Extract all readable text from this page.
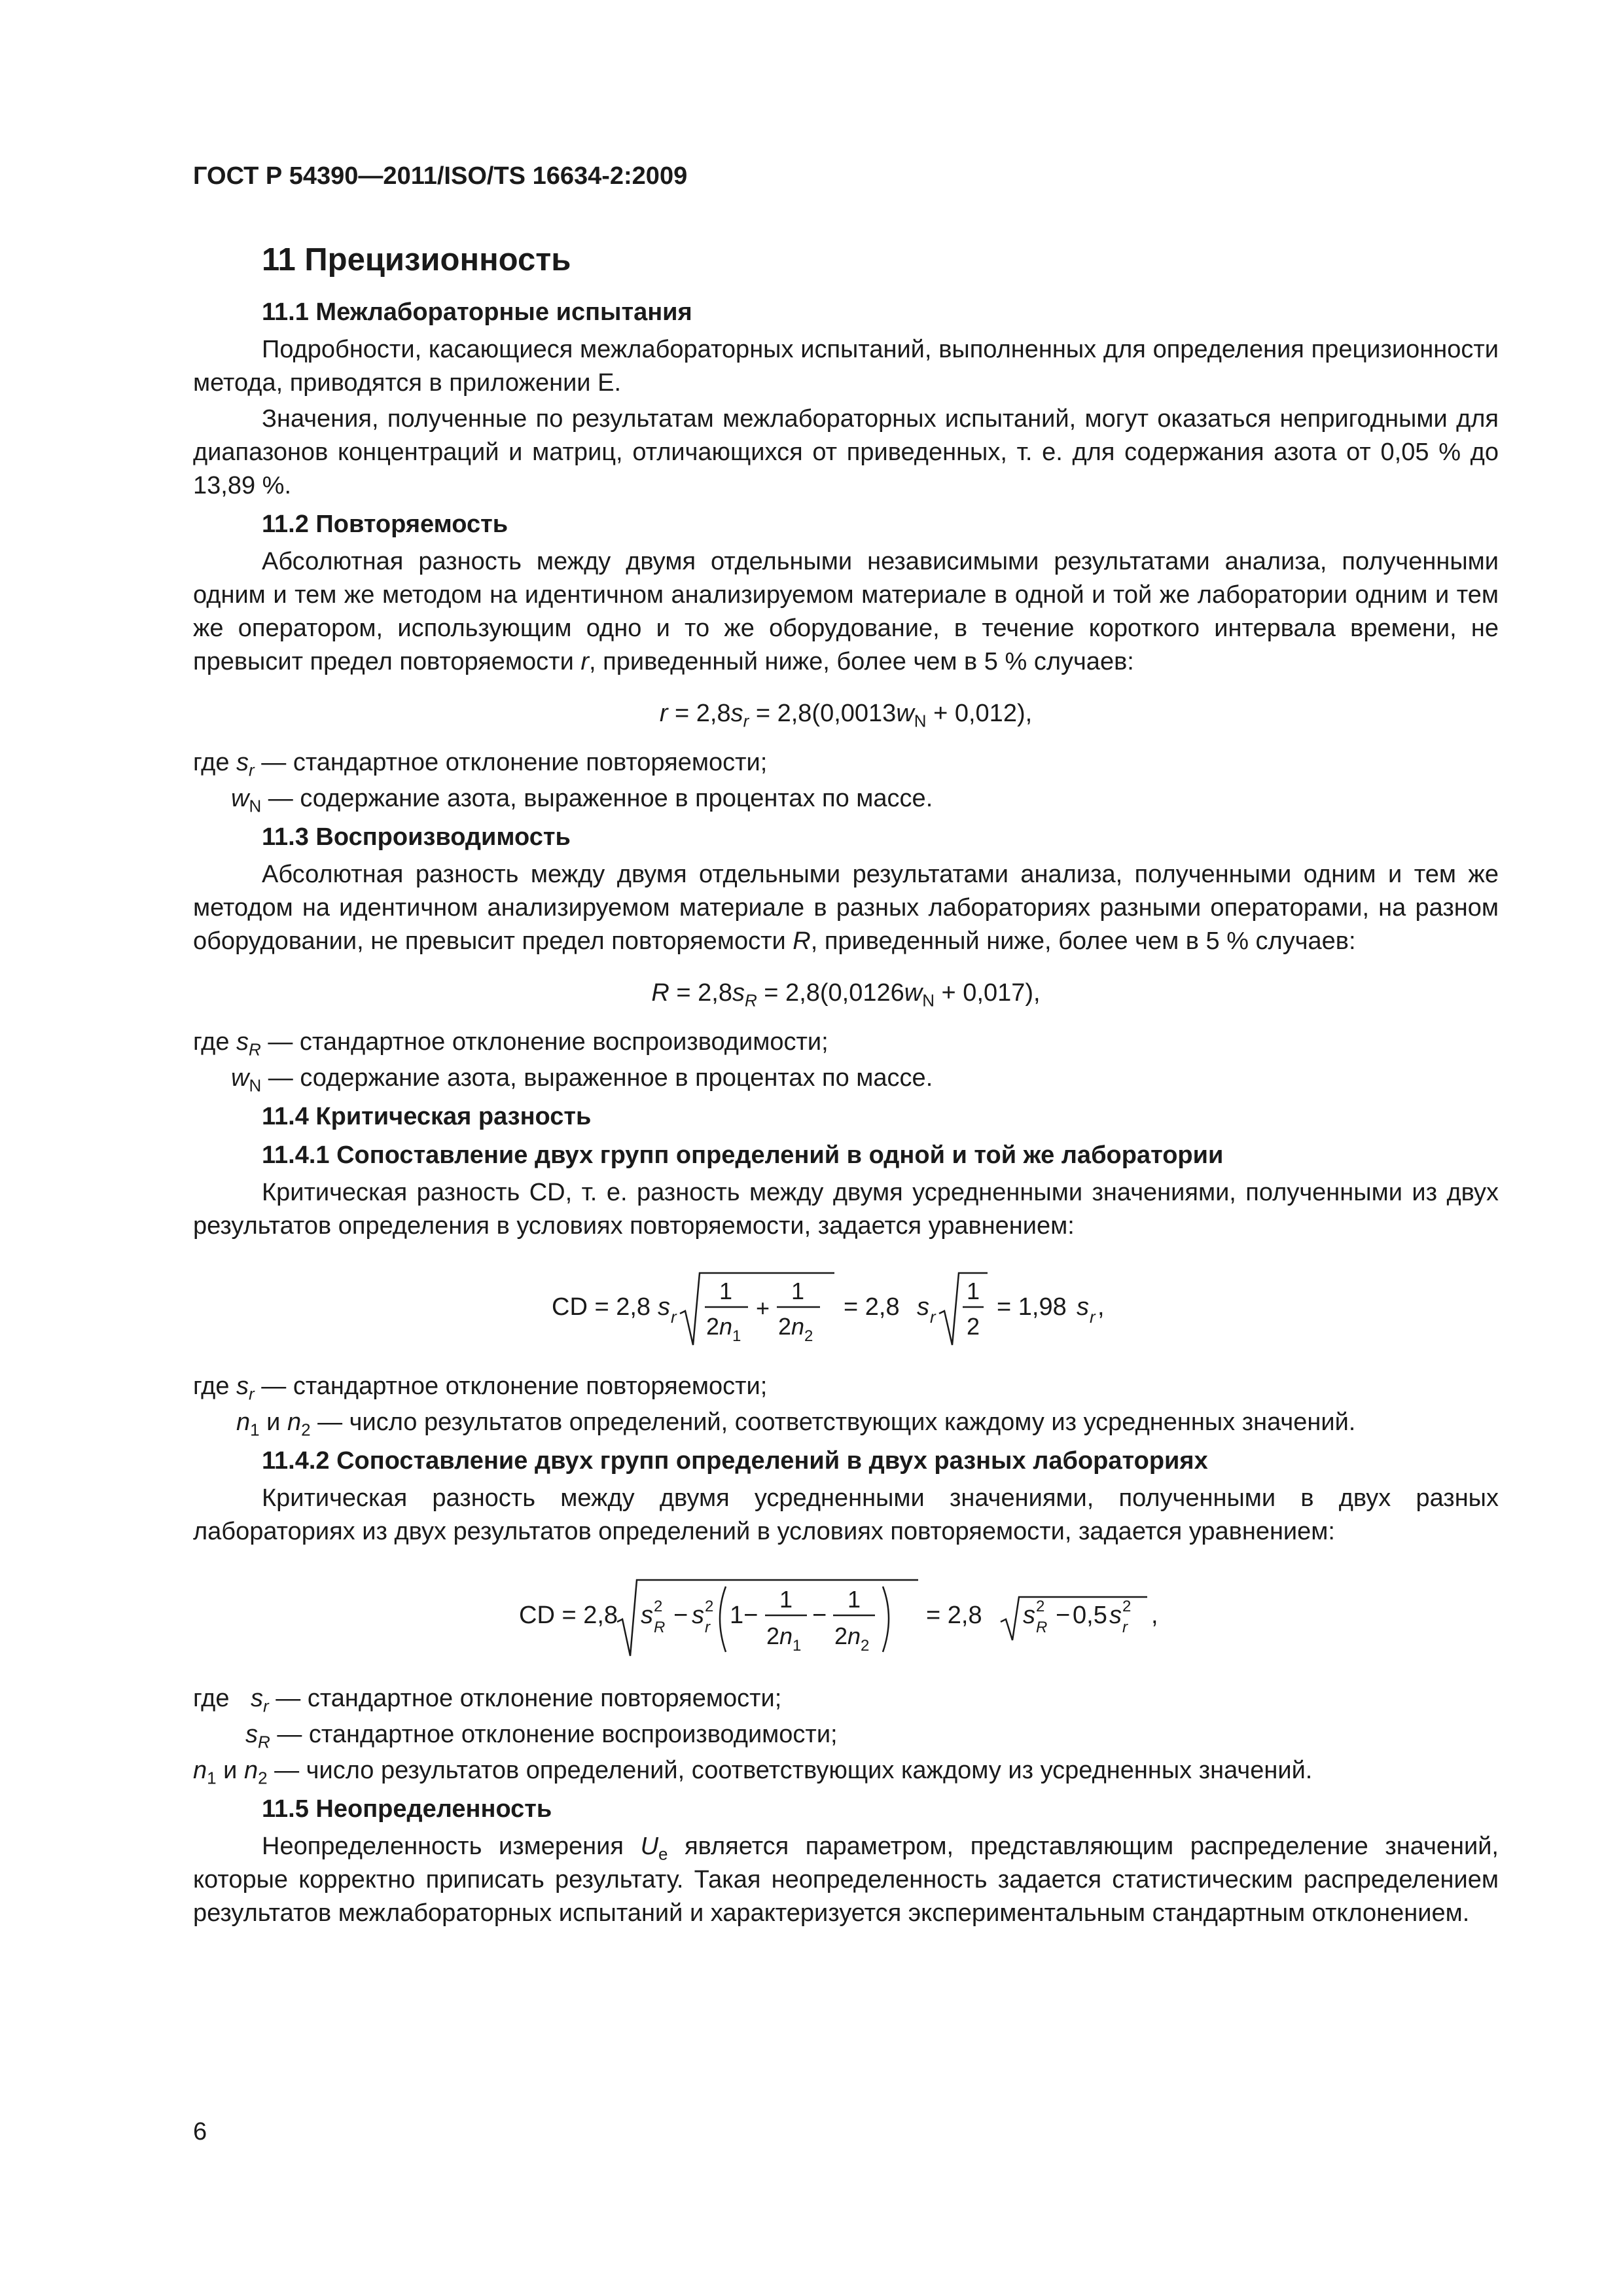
ГОСТ Р 54390—2011/ISO/TS 16634-2:2009
11 Прецизионность
11.1 Межлабораторные испытания

Подробности, касающиеся межлабораторных испытаний, выполненных для определения прецизионности метода, приводятся в приложении Е.

Значения, полученные по результатам межлабораторных испытаний, могут оказаться непригодными для диапазонов концентраций и матриц, отличающихся от приведенных, т. е. для содержания азота от 0,05 % до 13,89 %.

11.2 Повторяемость

Абсолютная разность между двумя отдельными независимыми результатами анализа, полученными одним и тем же методом на идентичном анализируемом материале в одной и той же лаборатории одним и тем же оператором, использующим одно и то же оборудование, в течение короткого интервала времени, не превысит предел повторяемости r, приведенный ниже, более чем в 5 % случаев:

$r = 2,8s_r = 2,8(0,0013w_N + 0,012)$,

где $s_r$ — стандартное отклонение повторяемости;

$w_N$ — содержание азота, выраженное в процентах по массе.

11.3 Воспроизводимость

Абсолютная разность между двумя отдельными результатами анализа, полученными одним и тем же методом на идентичном анализируемом материале в разных лабораториях разными операторами, на разном оборудовании, не превысит предел повторяемости R, приведенный ниже, более чем в 5 % случаев:

$R = 2,8s_R = 2,8(0,0126w_N + 0,017)$,

где $s_R$ — стандартное отклонение воспроизводимости;

$w_N$ — содержание азота, выраженное в процентах по массе.

11.4 Критическая разность
11.4.1 Сопоставление двух групп определений в одной и той же лаборатории

Критическая разность CD, т. е. разность между двумя усредненными значениями, полученными из двух результатов определения в условиях повторяемости, задается уравнением:

CD = 2,8 s r
1
2 n 1
+
1
2 n 2
= 2,8 s r
1
2
= 1,98 s r ,

где $s_r$ — стандартное отклонение повторяемости;

$n_1$ и $n_2$ — число результатов определений, соответствующих каждому из усредненных значений.

11.4.2 Сопоставление двух групп определений в двух разных лабораториях

Критическая разность между двумя усредненными значениями, полученными в двух разных лабораториях из двух результатов определений в условиях повторяемости, задается уравнением:

CD = 2,8 s 2
R − s 2
r 1−
1
2 n 1
−
1
2 n 2
= 2,8 s 2
R − 0,5 s 2
r ,

где $s_r$ — стандартное отклонение повторяемости;

$s_R$ — стандартное отклонение воспроизводимости;

$n_1$ и $n_2$ — число результатов определений, соответствующих каждому из усредненных значений.

11.5 Неопределенность

Неопределенность измерения $U_e$ является параметром, представляющим распределение значений, которые корректно приписать результату. Такая неопределенность задается статистическим распределением результатов межлабораторных испытаний и характеризуется экспериментальным стандартным отклонением.

6
